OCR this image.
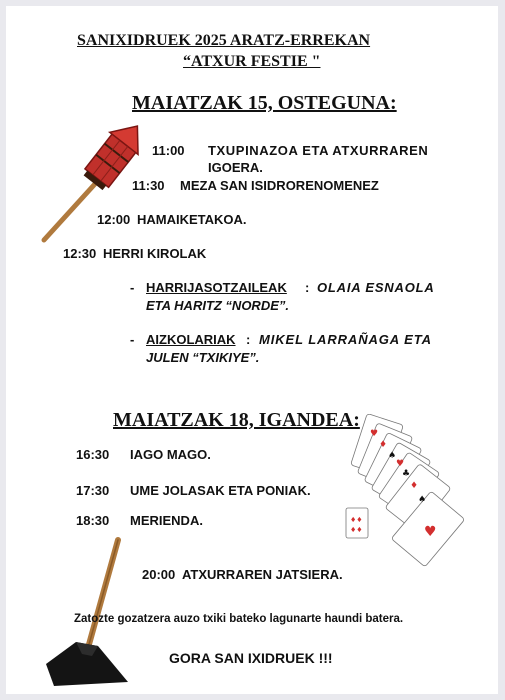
SANIXIDRUEK 2025 ARATZ-ERREKAN
“ATXUR FESTIE "
MAIATZAK 15, OSTEGUNA:
11:00 TXUPINAZOA ETA ATXURRAREN
IGOERA.
11:30 MEZA SAN ISIDRORENOMENEZ
12:00 HAMAIKETAKOA.
12:30 HERRI KIROLAK
- HARRIJASOTZAILEAK : OLAIA ESNAOLA
ETA HARITZ “NORDE”.
- AIZKOLARIAK : MIKEL LARRAÑAGA ETA
JULEN “TXIKIYE”.
MAIATZAK 18, IGANDEA:
16:30 IAGO MAGO.
17:30 UME JOLASAK ETA PONIAK.
18:30 MERIENDA.
20:00 ATXURRAREN JATSIERA.
♥
♦
♥
♦
♥
♠
♣
♠
♦♦
♦♦
Zatozte gozatzera auzo txiki bateko lagunarte haundi batera.
GORA SAN IXIDRUEK !!!
